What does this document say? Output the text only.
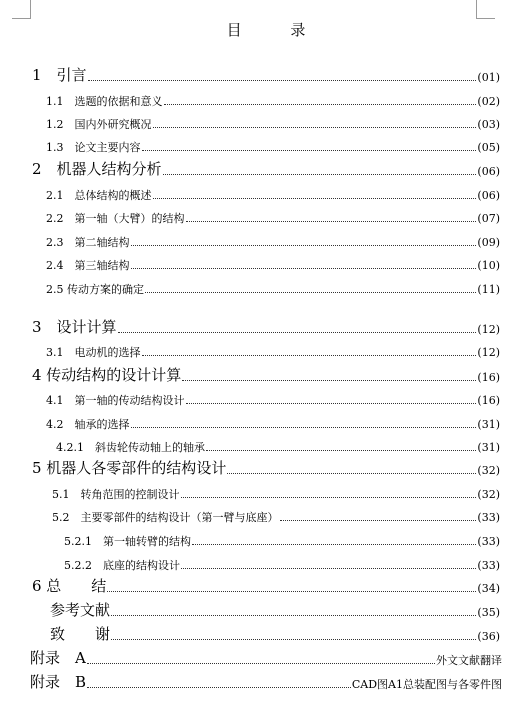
目 录
1　引言	(01)
1.1　选题的依据和意义	(02)
1.2　国内外研究概况	(03)
1.3　论文主要内容	(05)
2　机器人结构分析	(06)
2.1　总体结构的概述	(06)
2.2　第一轴（大臂）的结构	(07)
2.3　第二轴结构	(09)
2.4　第三轴结构	(10)
2.5 传动方案的确定	(11)
3　设计计算	(12)
3.1　电动机的选择	(12)
4 传动结构的设计计算	(16)
4.1　第一轴的传动结构设计	(16)
4.2　轴承的选择	(31)
4.2.1　斜齿轮传动轴上的轴承	(31)
5 机器人各零部件的结构设计	(32)
5.1　转角范围的控制设计	(32)
5.2　主要零部件的结构设计（第一臂与底座）	(33)
5.2.1　第一轴转臂的结构	(33)
5.2.2　底座的结构设计	(33)
6 总　　结	(34)
参考文献	(35)
致　　谢	(36)
附录　A	外文文献翻译
附录　B	CAD图A1总装配图与各零件图
